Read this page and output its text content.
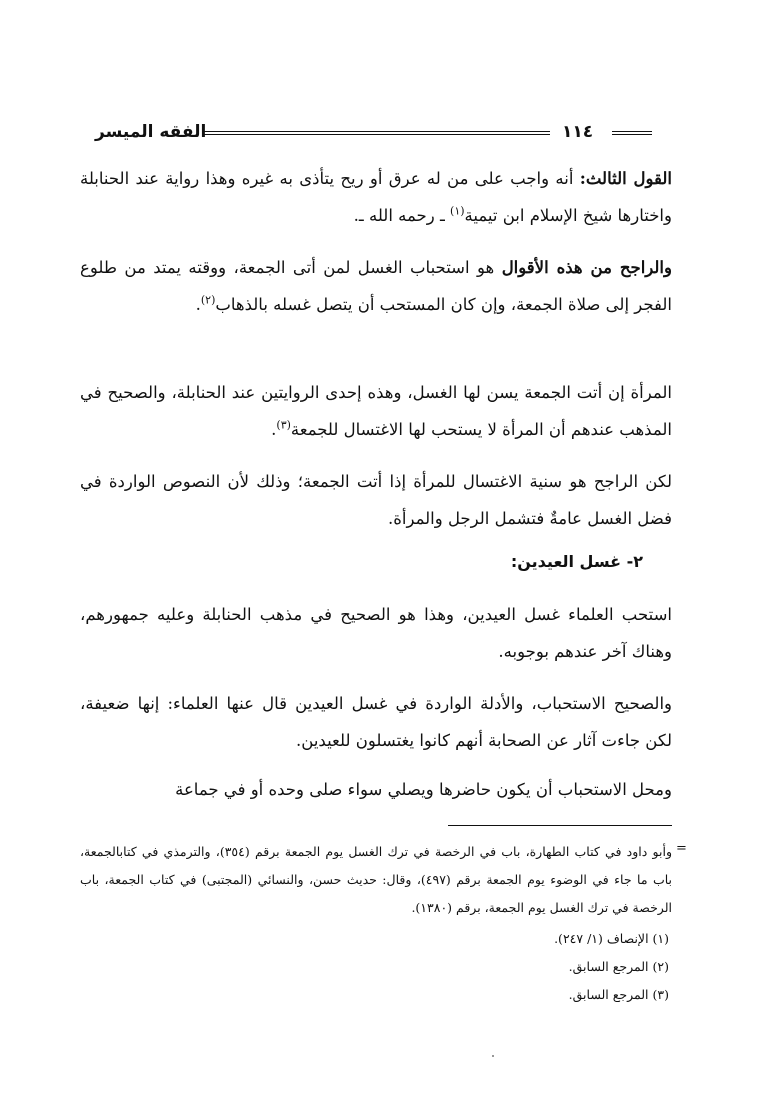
الفقه الميسر	١١٤

القول الثالث: أنه واجب على من له عرق أو ريح يتأذى به غيره وهذا رواية عند الحنابلة واختارها شيخ الإسلام ابن تيمية$^{(١)}$ ـ رحمه الله ـ.

والراجح من هذه الأقوال هو استحباب الغسل لمن أتى الجمعة، ووقته يمتد من طلوع الفجر إلى صلاة الجمعة، وإن كان المستحب أن يتصل غسله بالذهاب$^{(٢)}$.

المرأة إن أتت الجمعة يسن لها الغسل، وهذه إحدى الروايتين عند الحنابلة، والصحيح في المذهب عندهم أن المرأة لا يستحب لها الاغتسال للجمعة$^{(٣)}$.

لكن الراجح هو سنية الاغتسال للمرأة إذا أتت الجمعة؛ وذلك لأن النصوص الواردة في فضل الغسل عامةٌ فتشمل الرجل والمرأة.

٢- غسل العيدين:

استحب العلماء غسل العيدين، وهذا هو الصحيح في مذهب الحنابلة وعليه جمهورهم، وهناك آخر عندهم بوجوبه.

والصحيح الاستحباب، والأدلة الواردة في غسل العيدين قال عنها العلماء: إنها ضعيفة، لكن جاءت آثار عن الصحابة أنهم كانوا يغتسلون للعيدين.

ومحل الاستحباب أن يكون حاضرها ويصلي سواء صلى وحده أو في جماعة

=

وأبو داود في كتاب الطهارة، باب في الرخصة في ترك الغسل يوم الجمعة برقم (٣٥٤)، والترمذي في كتابالجمعة، باب ما جاء في الوضوء يوم الجمعة برقم (٤٩٧)، وقال: حديث حسن، والنسائي (المجتبى) في كتاب الجمعة، باب الرخصة في ترك الغسل يوم الجمعة، برقم (١٣٨٠).

(١) الإنصاف (١/ ٢٤٧).

(٢) المرجع السابق.

(٣) المرجع السابق.
